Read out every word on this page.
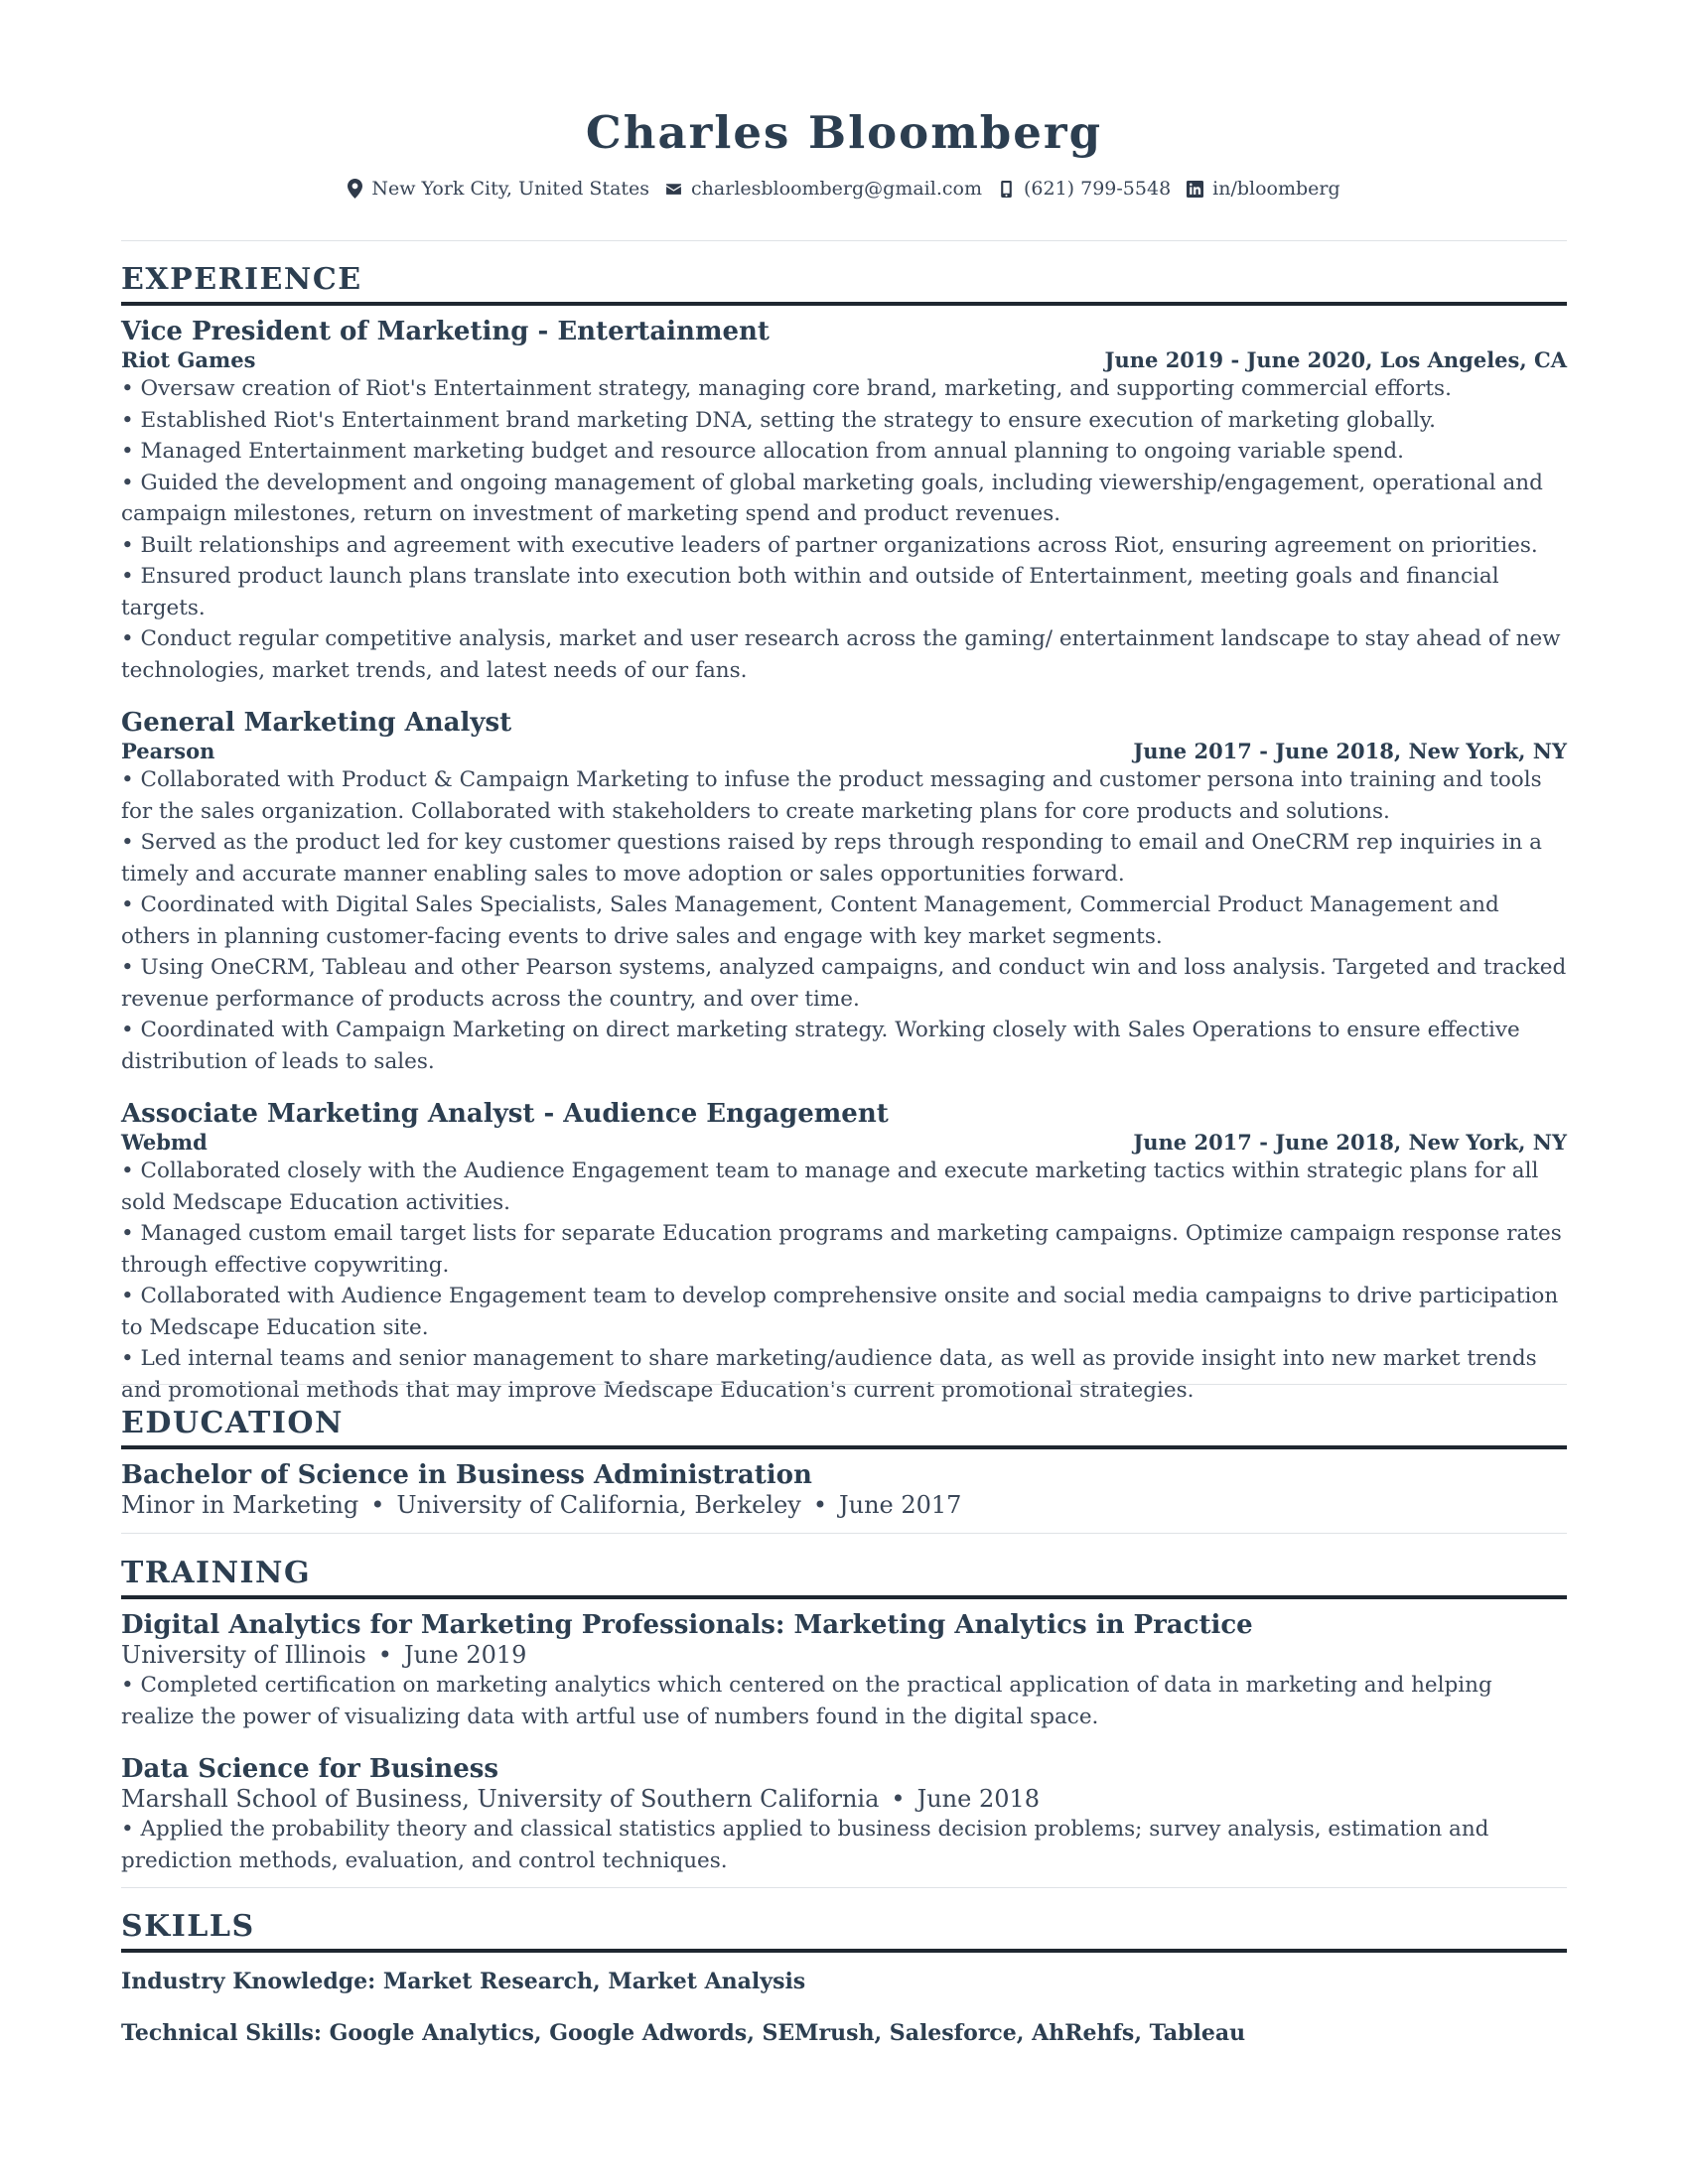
Charles Bloomberg
New York City, United States charlesbloomberg@gmail.com (621) 799-5548 in/bloomberg
EXPERIENCE
Vice President of Marketing - Entertainment
Riot Games	June 2019 - June 2020, Los Angeles, CA
• Oversaw creation of Riot's Entertainment strategy, managing core brand, marketing, and supporting commercial efforts.
• Established Riot's Entertainment brand marketing DNA, setting the strategy to ensure execution of marketing globally.
• Managed Entertainment marketing budget and resource allocation from annual planning to ongoing variable spend.
• Guided the development and ongoing management of global marketing goals, including viewership/engagement, operational and campaign milestones, return on investment of marketing spend and product revenues.
• Built relationships and agreement with executive leaders of partner organizations across Riot, ensuring agreement on priorities.
• Ensured product launch plans translate into execution both within and outside of Entertainment, meeting goals and financial targets.
• Conduct regular competitive analysis, market and user research across the gaming/ entertainment landscape to stay ahead of new technologies, market trends, and latest needs of our fans.
General Marketing Analyst
Pearson	June 2017 - June 2018, New York, NY
• Collaborated with Product & Campaign Marketing to infuse the product messaging and customer persona into training and tools for the sales organization. Collaborated with stakeholders to create marketing plans for core products and solutions.
• Served as the product led for key customer questions raised by reps through responding to email and OneCRM rep inquiries in a timely and accurate manner enabling sales to move adoption or sales opportunities forward.
• Coordinated with Digital Sales Specialists, Sales Management, Content Management, Commercial Product Management and others in planning customer-facing events to drive sales and engage with key market segments.
• Using OneCRM, Tableau and other Pearson systems, analyzed campaigns, and conduct win and loss analysis. Targeted and tracked revenue performance of products across the country, and over time.
• Coordinated with Campaign Marketing on direct marketing strategy. Working closely with Sales Operations to ensure effective distribution of leads to sales.
Associate Marketing Analyst - Audience Engagement
Webmd	June 2017 - June 2018, New York, NY
• Collaborated closely with the Audience Engagement team to manage and execute marketing tactics within strategic plans for all sold Medscape Education activities.
• Managed custom email target lists for separate Education programs and marketing campaigns. Optimize campaign response rates through effective copywriting.
• Collaborated with Audience Engagement team to develop comprehensive onsite and social media campaigns to drive participation to Medscape Education site.
• Led internal teams and senior management to share marketing/audience data, as well as provide insight into new market trends and promotional methods that may improve Medscape Education's current promotional strategies.
EDUCATION
Bachelor of Science in Business Administration
Minor in Marketing • University of California, Berkeley • June 2017
TRAINING
Digital Analytics for Marketing Professionals: Marketing Analytics in Practice
University of Illinois • June 2019
• Completed certification on marketing analytics which centered on the practical application of data in marketing and helping realize the power of visualizing data with artful use of numbers found in the digital space.
Data Science for Business
Marshall School of Business, University of Southern California • June 2018
• Applied the probability theory and classical statistics applied to business decision problems; survey analysis, estimation and prediction methods, evaluation, and control techniques.
SKILLS
Industry Knowledge: Market Research, Market Analysis
Technical Skills: Google Analytics, Google Adwords, SEMrush, Salesforce, AhRehfs, Tableau
